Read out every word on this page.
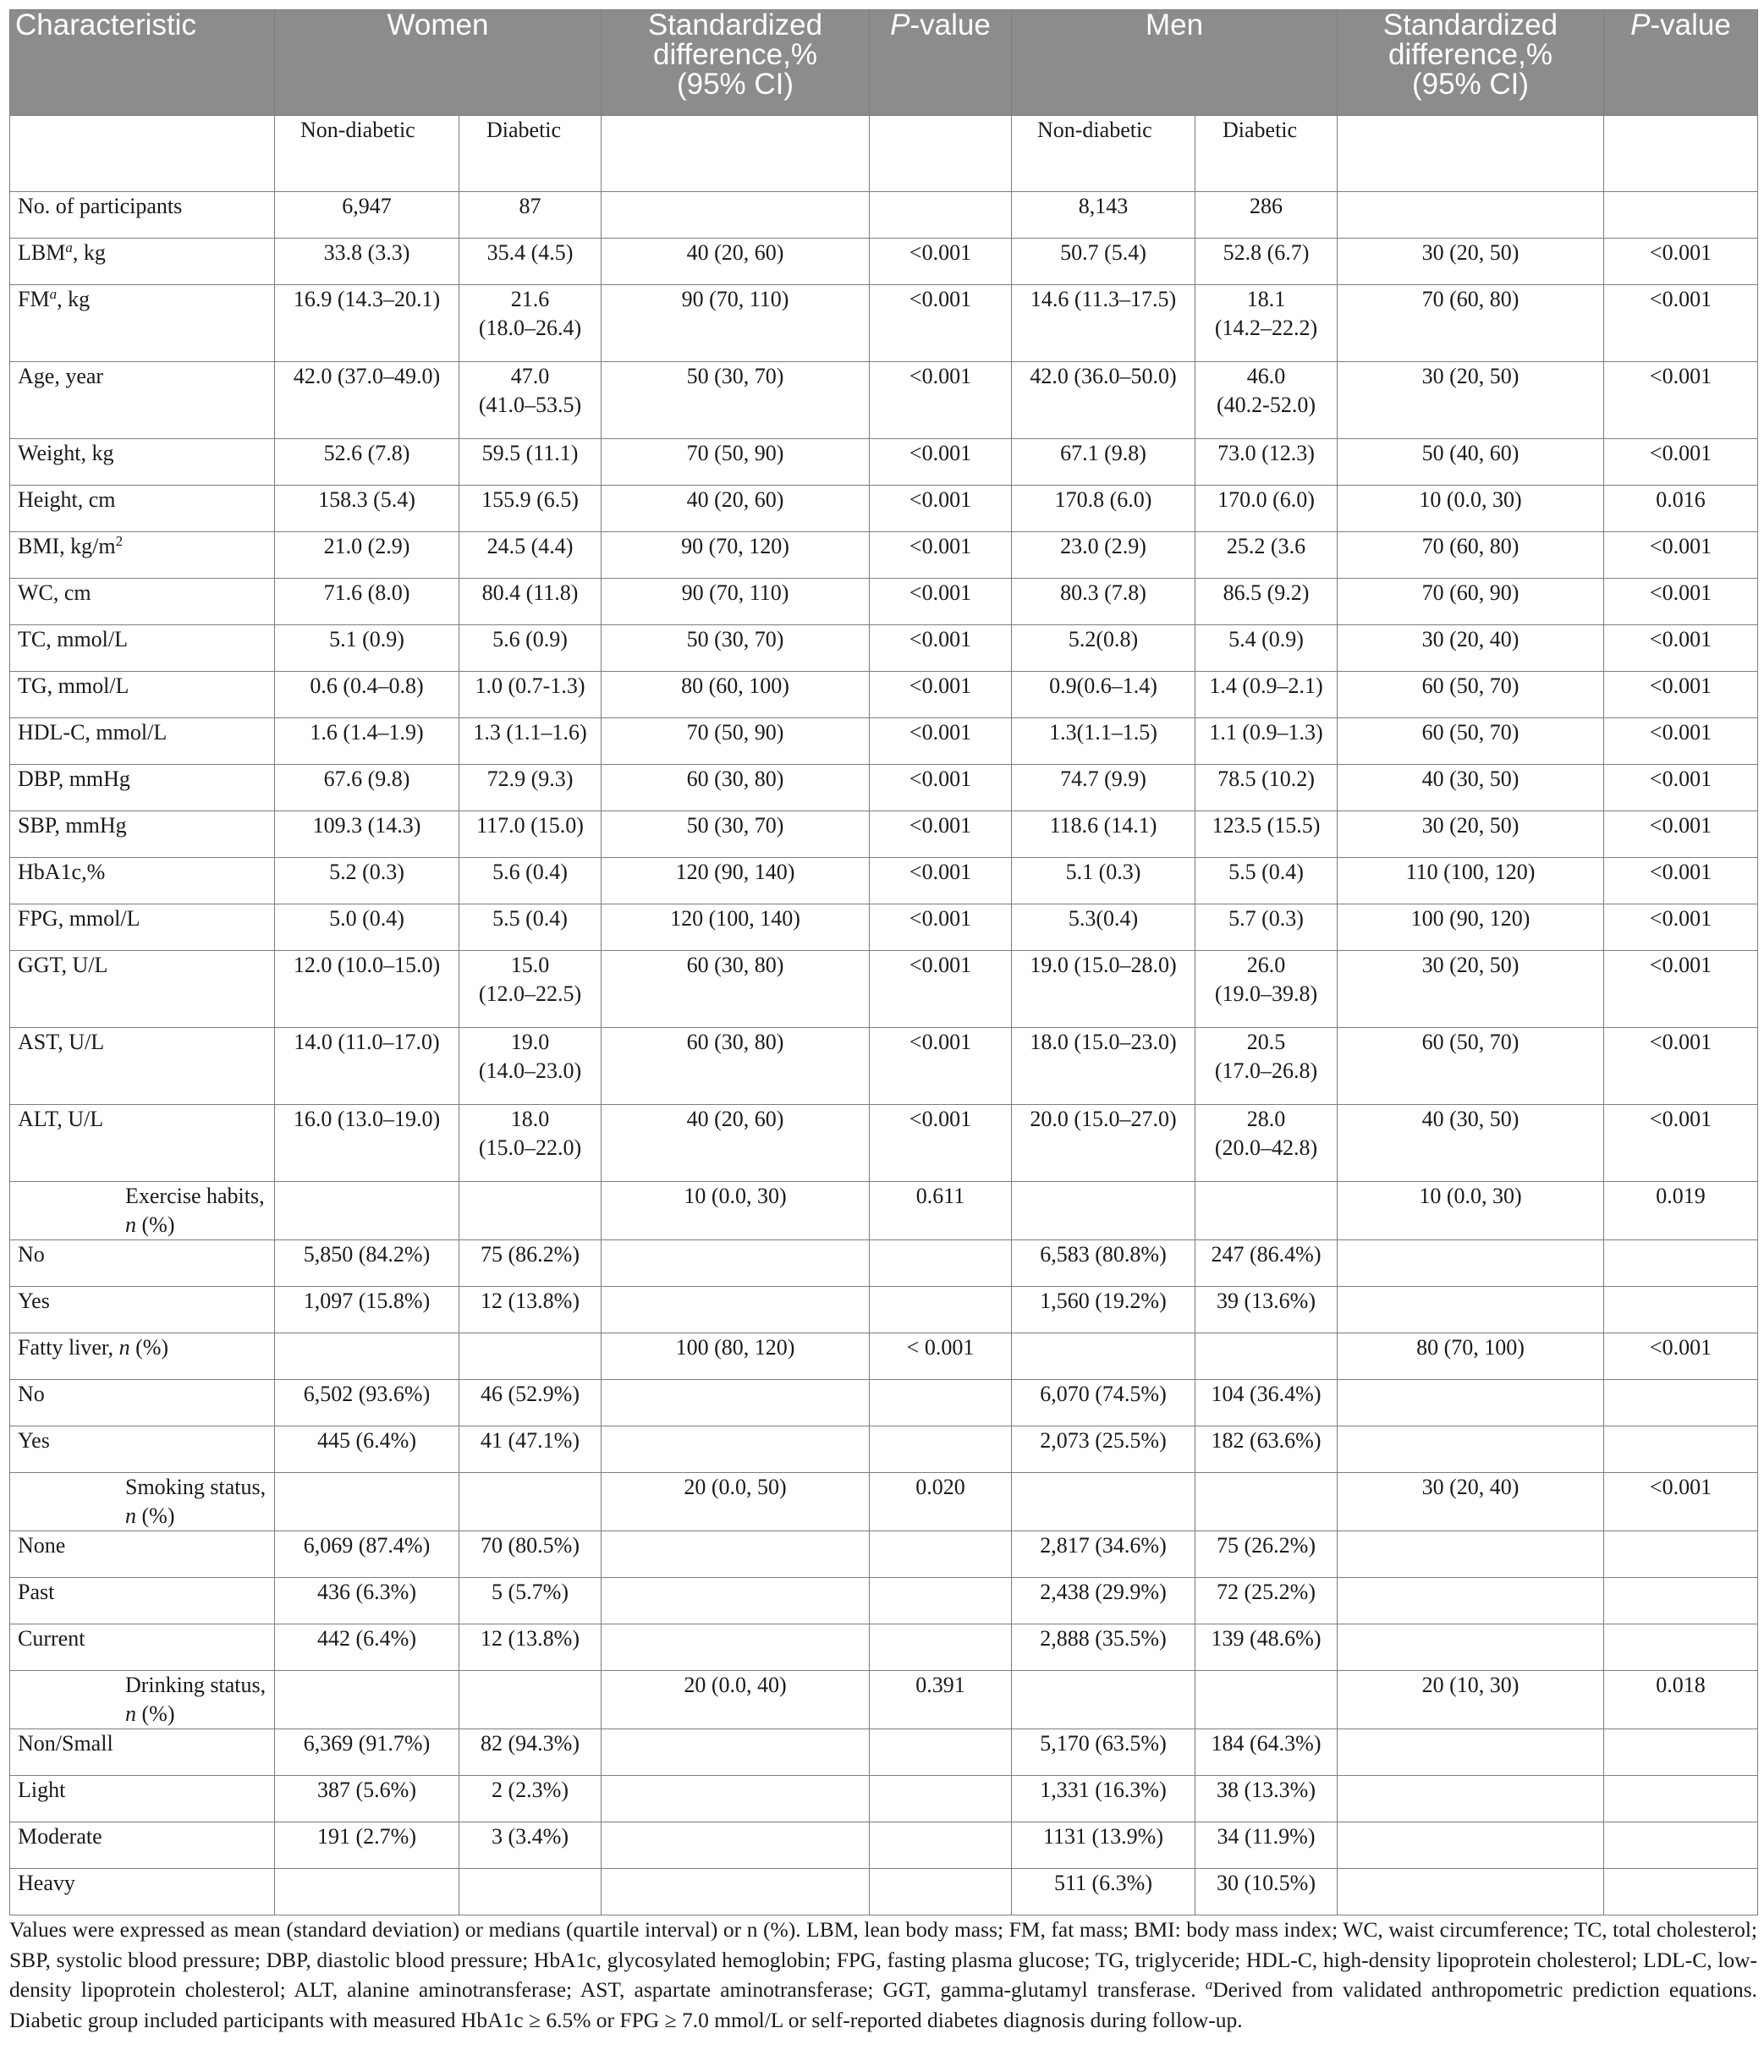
Characteristic	Women		Standardized
difference,%
(95% CI)	P-value	Men		Standardized
difference,%
(95% CI)	P-value
	Non-diabetic	Diabetic			Non-diabetic	Diabetic		
No. of participants	6,947	87			8,143	286		
LBM$^a$, kg	33.8 (3.3)	35.4 (4.5)	40 (20, 60)	<0.001	50.7 (5.4)	52.8 (6.7)	30 (20, 50)	<0.001
$FM^a$, kg	16.9 (14.3–20.1)	21.6
(18.0–26.4)	90 (70, 110)	<0.001	14.6 (11.3–17.5)	18.1
(14.2–22.2)	70 (60, 80)	<0.001
Age, year	42.0 (37.0–49.0)	47.0
(41.0–53.5)	50 (30, 70)	<0.001	42.0 (36.0–50.0)	46.0
(40.2-52.0)	30 (20, 50)	<0.001
Weight, kg	52.6 (7.8)	59.5 (11.1)	70 (50, 90)	<0.001	67.1 (9.8)	73.0 (12.3)	50 (40, 60)	<0.001
Height, cm	158.3 (5.4)	155.9 (6.5)	40 (20, 60)	<0.001	170.8 (6.0)	170.0 (6.0)	10 (0.0, 30)	0.016
BMI, $kg/m^2$	21.0 (2.9)	24.5 (4.4)	90 (70, 120)	<0.001	23.0 (2.9)	25.2 (3.6	70 (60, 80)	<0.001
WC, cm	71.6 (8.0)	80.4 (11.8)	90 (70, 110)	<0.001	80.3 (7.8)	86.5 (9.2)	70 (60, 90)	<0.001
TC, mmol/L	5.1 (0.9)	5.6 (0.9)	50 (30, 70)	<0.001	5.2(0.8)	5.4 (0.9)	30 (20, 40)	<0.001
TG, mmol/L	0.6 (0.4–0.8)	1.0 (0.7-1.3)	80 (60, 100)	<0.001	0.9(0.6–1.4)	1.4 (0.9–2.1)	60 (50, 70)	<0.001
HDL-C, mmol/L	1.6 (1.4–1.9)	1.3 (1.1–1.6)	70 (50, 90)	<0.001	1.3(1.1–1.5)	1.1 (0.9–1.3)	60 (50, 70)	<0.001
DBP, mmHg	67.6 (9.8)	72.9 (9.3)	60 (30, 80)	<0.001	74.7 (9.9)	78.5 (10.2)	40 (30, 50)	<0.001
SBP, mmHg	109.3 (14.3)	117.0 (15.0)	50 (30, 70)	<0.001	118.6 (14.1)	123.5 (15.5)	30 (20, 50)	<0.001
HbA1c,%	5.2 (0.3)	5.6 (0.4)	120 (90, 140)	<0.001	5.1 (0.3)	5.5 (0.4)	110 (100, 120)	<0.001
FPG, mmol/L	5.0 (0.4)	5.5 (0.4)	120 (100, 140)	<0.001	5.3(0.4)	5.7 (0.3)	100 (90, 120)	<0.001
GGT, U/L	12.0 (10.0–15.0)	15.0
(12.0–22.5)	60 (30, 80)	<0.001	19.0 (15.0–28.0)	26.0
(19.0–39.8)	30 (20, 50)	<0.001
AST, U/L	14.0 (11.0–17.0)	19.0
(14.0–23.0)	60 (30, 80)	<0.001	18.0 (15.0–23.0)	20.5
(17.0–26.8)	60 (50, 70)	<0.001
ALT, U/L	16.0 (13.0–19.0)	18.0
(15.0–22.0)	40 (20, 60)	<0.001	20.0 (15.0–27.0)	28.0
(20.0–42.8)	40 (30, 50)	<0.001
Exercise habits, n (%)			10 (0.0, 30)	0.611			10 (0.0, 30)	0.019
No	5,850 (84.2%)	75 (86.2%)			6,583 (80.8%)	247 (86.4%)		
Yes	1,097 (15.8%)	12 (13.8%)			1,560 (19.2%)	39 (13.6%)		
Fatty liver, n (%)			100 (80, 120)	< 0.001			80 (70, 100)	<0.001
No	6,502 (93.6%)	46 (52.9%)			6,070 (74.5%)	104 (36.4%)		
Yes	445 (6.4%)	41 (47.1%)			2,073 (25.5%)	182 (63.6%)		
Smoking status, n (%)			20 (0.0, 50)	0.020			30 (20, 40)	<0.001
None	6,069 (87.4%)	70 (80.5%)			2,817 (34.6%)	75 (26.2%)		
Past	436 (6.3%)	5 (5.7%)			2,438 (29.9%)	72 (25.2%)		
Current	442 (6.4%)	12 (13.8%)			2,888 (35.5%)	139 (48.6%)		
Drinking status, n (%)			20 (0.0, 40)	0.391			20 (10, 30)	0.018
Non/Small	6,369 (91.7%)	82 (94.3%)			5,170 (63.5%)	184 (64.3%)		
Light	387 (5.6%)	2 (2.3%)			1,331 (16.3%)	38 (13.3%)		
Moderate	191 (2.7%)	3 (3.4%)			1131 (13.9%)	34 (11.9%)		
Heavy					511 (6.3%)	30 (10.5%)		
Values were expressed as mean (standard deviation) or medians (quartile interval) or n (%). LBM, lean body mass; FM, fat mass; BMI: body mass index; WC, waist circumference; TC, total cholesterol; SBP, systolic blood pressure; DBP, diastolic blood pressure; HbA1c, glycosylated hemoglobin; FPG, fasting plasma glucose; TG, triglyceride; HDL-C, high-density lipoprotein cholesterol; LDL-C, low-density lipoprotein cholesterol; ALT, alanine aminotransferase; AST, aspartate aminotransferase; GGT, gamma-glutamyl transferase. $^a$Derived from validated anthropometric prediction equations. Diabetic group included participants with measured HbA1c ≥ 6.5% or FPG ≥ 7.0 mmol/L or self-reported diabetes diagnosis during follow-up.
